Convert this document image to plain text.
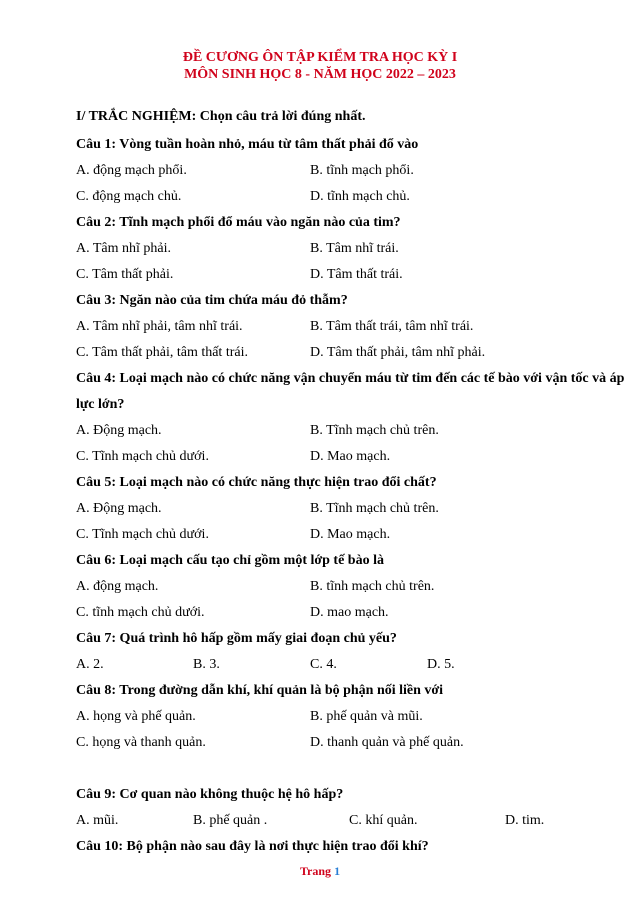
ĐỀ CƯƠNG ÔN TẬP KIỂM TRA HỌC KỲ I
MÔN SINH HỌC 8 - NĂM HỌC 2022 – 2023
I/ TRẮC NGHIỆM: Chọn câu trả lời đúng nhất.
Câu 1: Vòng tuần hoàn nhỏ, máu từ tâm thất phải đổ vào
A. động mạch phổi.	B. tĩnh mạch phổi.
C. động mạch chủ.	D. tĩnh mạch chủ.
Câu 2: Tĩnh mạch phổi đổ máu vào ngăn nào của tim?
A. Tâm nhĩ phải.	B. Tâm nhĩ trái.
C. Tâm thất phải.	D. Tâm thất trái.
Câu 3: Ngăn nào của tim chứa máu đỏ thẫm?
A. Tâm nhĩ phải, tâm nhĩ trái.	B. Tâm thất trái, tâm nhĩ trái.
C. Tâm thất phải, tâm thất trái.	D. Tâm thất phải, tâm nhĩ phải.
Câu 4: Loại mạch nào có chức năng vận chuyển máu từ tim đến các tế bào với vận tốc và áp lực lớn?
A. Động mạch.	B. Tĩnh mạch chủ trên.
C. Tĩnh mạch chủ dưới.	D. Mao mạch.
Câu 5: Loại mạch nào có chức năng thực hiện trao đổi chất?
A. Động mạch.	B. Tĩnh mạch chủ trên.
C. Tĩnh mạch chủ dưới.	D. Mao mạch.
Câu 6: Loại mạch cấu tạo chỉ gồm một lớp tế bào là
A. động mạch.	B. tĩnh mạch chủ trên.
C. tĩnh mạch chủ dưới.	D. mao mạch.
Câu 7: Quá trình hô hấp gồm mấy giai đoạn chủ yếu?
A. 2.	B. 3.	C. 4.	D. 5.
Câu 8: Trong đường dẫn khí, khí quản là bộ phận nối liền với
A. họng và phế quản.	B. phế quản và mũi.
C. họng và thanh quản.	D. thanh quản và phế quản.
Câu 9: Cơ quan nào không thuộc hệ hô hấp?
A. mũi.	B. phế quản .	C. khí quản.	D. tim.
Câu 10: Bộ phận nào sau đây là nơi thực hiện trao đổi khí?
Trang 1
